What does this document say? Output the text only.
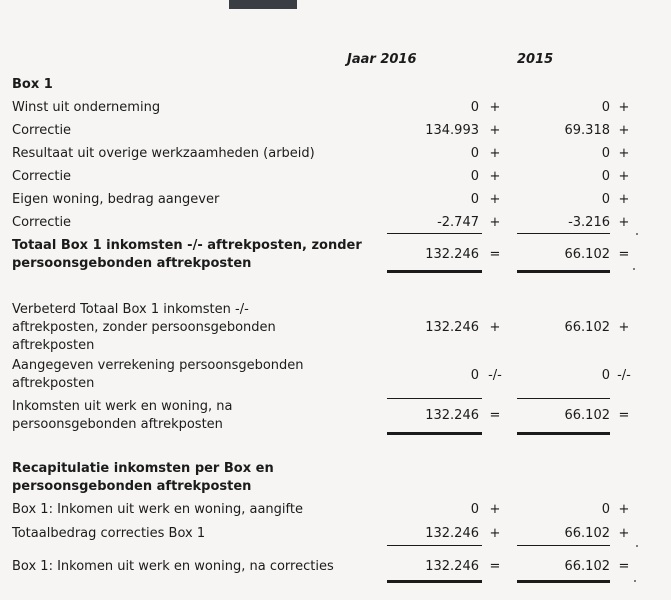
Jaar 2016	2015
Box 1
Winst uit onderneming	0 +	0 +
Correctie	134.993 +	69.318 +
Resultaat uit overige werkzaamheden (arbeid)	0 +	0 +
Correctie	0 +	0 +
Eigen woning, bedrag aangever	0 +	0 +
Correctie	-2.747 +	-3.216 +
Totaal Box 1 inkomsten -/- aftrekposten, zonder
persoonsgebonden aftrekposten
132.246 =	66.102 =
Verbeterd Totaal Box 1 inkomsten -/-
aftrekposten, zonder persoonsgebonden
aftrekposten
132.246 +	66.102 +
Aangegeven verrekening persoonsgebonden
aftrekposten
0 -/-	0 -/-
Inkomsten uit werk en woning, na
persoonsgebonden aftrekposten
132.246 =	66.102 =
Recapitulatie inkomsten per Box en
persoonsgebonden aftrekposten
Box 1: Inkomen uit werk en woning, aangifte	0 +	0 +
Totaalbedrag correcties Box 1	132.246 +	66.102 +
Box 1: Inkomen uit werk en woning, na correcties	132.246 =	66.102 =
